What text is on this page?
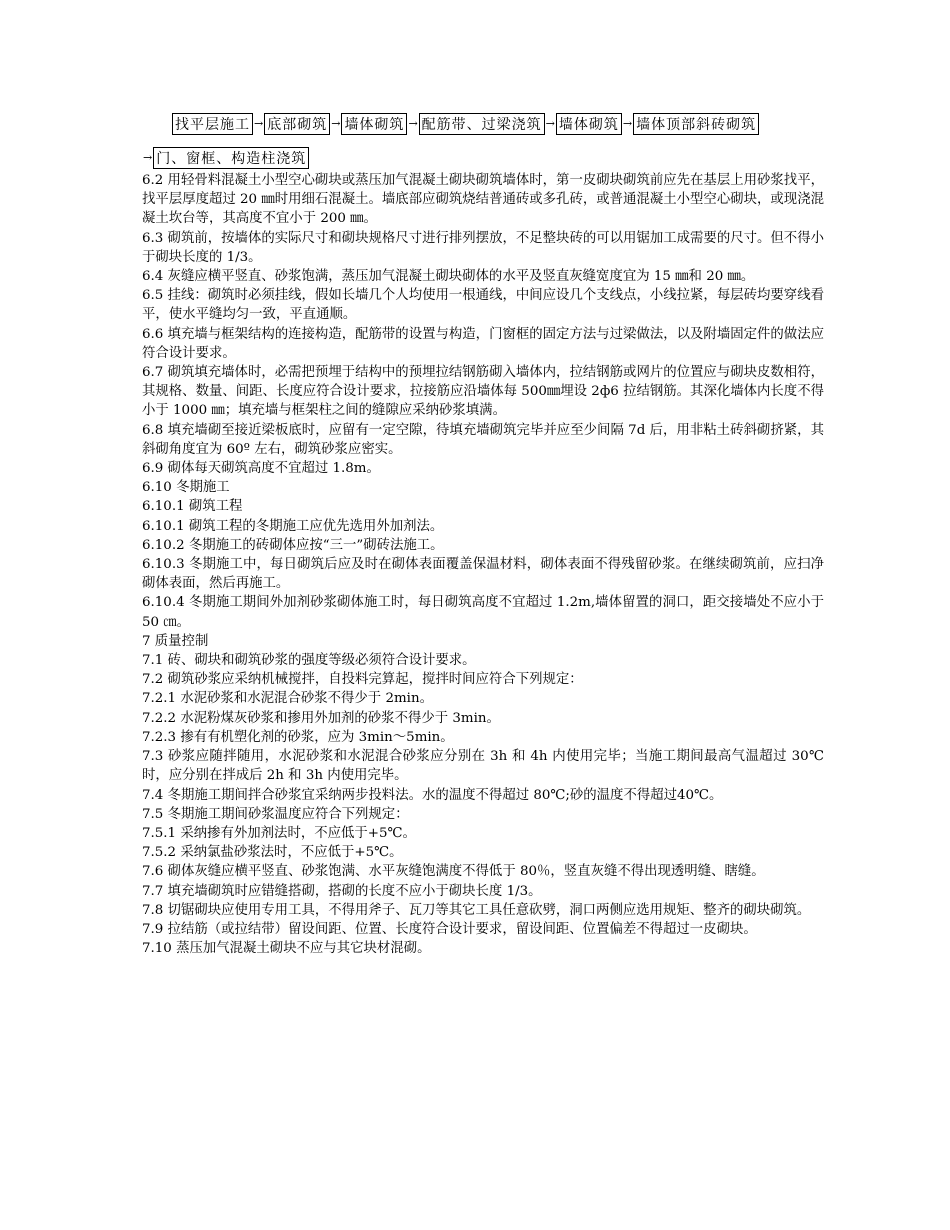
找平层施工 → 底部砌筑 → 墙体砌筑 → 配筋带、过梁浇筑 → 墙体砌筑 → 墙体顶部斜砖砌筑
→ 门、窗框、构造柱浇筑

6.2 用轻骨料混凝土小型空心砌块或蒸压加气混凝土砌块砌筑墙体时，第一皮砌块砌筑前应先在基层上用砂浆找平，找平层厚度超过 20 ㎜时用细石混凝土。墙底部应砌筑烧结普通砖或多孔砖，或普通混凝土小型空心砌块，或现浇混凝土坎台等，其高度不宜小于 200 ㎜。

6.3 砌筑前，按墙体的实际尺寸和砌块规格尺寸进行排列摆放，不足整块砖的可以用锯加工成需要的尺寸。但不得小于砌块长度的 1/3。

6.4 灰缝应横平竖直、砂浆饱满，蒸压加气混凝土砌块砌体的水平及竖直灰缝宽度宜为 15 ㎜和 20 ㎜。

6.5 挂线：砌筑时必须挂线，假如长墙几个人均使用一根通线，中间应设几个支线点，小线拉紧，每层砖均要穿线看平，使水平缝均匀一致，平直通顺。

6.6 填充墙与框架结构的连接构造，配筋带的设置与构造，门窗框的固定方法与过梁做法，以及附墙固定件的做法应符合设计要求。

6.7 砌筑填充墙体时，必需把预埋于结构中的预埋拉结钢筋砌入墙体内，拉结钢筋或网片的位置应与砌块皮数相符，其规格、数量、间距、长度应符合设计要求，拉接筋应沿墙体每 500㎜埋设 2ф6 拉结钢筋。其深化墙体内长度不得小于 1000 ㎜；填充墙与框架柱之间的缝隙应采纳砂浆填满。

6.8 填充墙砌至接近梁板底时，应留有一定空隙，待填充墙砌筑完毕并应至少间隔 7d 后，用非粘土砖斜砌挤紧，其斜砌角度宜为 60º 左右，砌筑砂浆应密实。

6.9 砌体每天砌筑高度不宜超过 1.8m。

6.10 冬期施工

6.10.1 砌筑工程

6.10.1 砌筑工程的冬期施工应优先选用外加剂法。

6.10.2 冬期施工的砖砌体应按“三一”砌砖法施工。

6.10.3 冬期施工中，每日砌筑后应及时在砌体表面覆盖保温材料，砌体表面不得残留砂浆。在继续砌筑前，应扫净砌体表面，然后再施工。

6.10.4 冬期施工期间外加剂砂浆砌体施工时，每日砌筑高度不宜超过 1.2m,墙体留置的洞口，距交接墙处不应小于 50 ㎝。

7 质量控制

7.1 砖、砌块和砌筑砂浆的强度等级必须符合设计要求。

7.2 砌筑砂浆应采纳机械搅拌，自投料完算起，搅拌时间应符合下列规定：

7.2.1 水泥砂浆和水泥混合砂浆不得少于 2min。

7.2.2 水泥粉煤灰砂浆和掺用外加剂的砂浆不得少于 3min。

7.2.3 掺有有机塑化剂的砂浆，应为 3min～5min。

7.3 砂浆应随拌随用，水泥砂浆和水泥混合砂浆应分别在 3h 和 4h 内使用完毕；当施工期间最高气温超过 30℃时，应分别在拌成后 2h 和 3h 内使用完毕。

7.4 冬期施工期间拌合砂浆宜采纳两步投料法。水的温度不得超过 80℃;砂的温度不得超过40℃。

7.5 冬期施工期间砂浆温度应符合下列规定：

7.5.1 采纳掺有外加剂法时，不应低于+5℃。

7.5.2 采纳氯盐砂浆法时，不应低于+5℃。

7.6 砌体灰缝应横平竖直、砂浆饱满、水平灰缝饱满度不得低于 80％，竖直灰缝不得出现透明缝、瞎缝。

7.7 填充墙砌筑时应错缝搭砌，搭砌的长度不应小于砌块长度 1/3。

7.8 切锯砌块应使用专用工具，不得用斧子、瓦刀等其它工具任意砍劈，洞口两侧应选用规矩、整齐的砌块砌筑。

7.9 拉结筋（或拉结带）留设间距、位置、长度符合设计要求，留设间距、位置偏差不得超过一皮砌块。

7.10 蒸压加气混凝土砌块不应与其它块材混砌。
